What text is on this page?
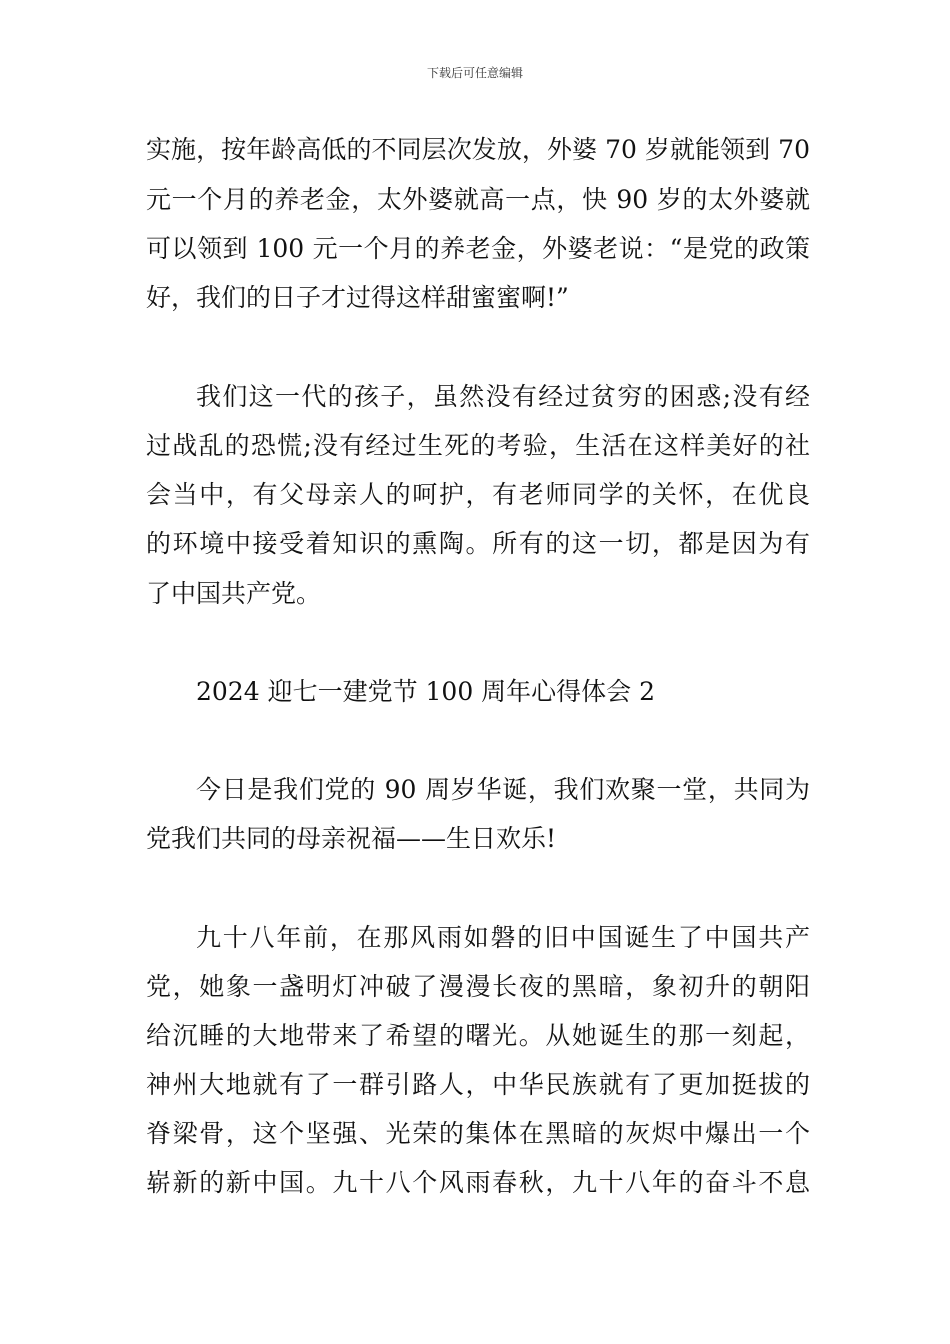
下载后可任意编辑
实施，按年龄高低的不同层次发放，外婆 70 岁就能领到 70
元一个月的养老金，太外婆就高一点，快 90 岁的太外婆就
可以领到 100 元一个月的养老金，外婆老说：“是党的政策
好，我们的日子才过得这样甜蜜蜜啊!”
我们这一代的孩子，虽然没有经过贫穷的困惑;没有经
过战乱的恐慌;没有经过生死的考验，生活在这样美好的社
会当中，有父母亲人的呵护，有老师同学的关怀，在优良
的环境中接受着知识的熏陶。所有的这一切，都是因为有
了中国共产党。
2024 迎七一建党节 100 周年心得体会 2
今日是我们党的 90 周岁华诞，我们欢聚一堂，共同为
党我们共同的母亲祝福——生日欢乐!
九十八年前，在那风雨如磐的旧中国诞生了中国共产
党，她象一盏明灯冲破了漫漫长夜的黑暗，象初升的朝阳
给沉睡的大地带来了希望的曙光。从她诞生的那一刻起，
神州大地就有了一群引路人，中华民族就有了更加挺拔的
脊梁骨，这个坚强、光荣的集体在黑暗的灰烬中爆出一个
崭新的新中国。九十八个风雨春秋，九十八年的奋斗不息
